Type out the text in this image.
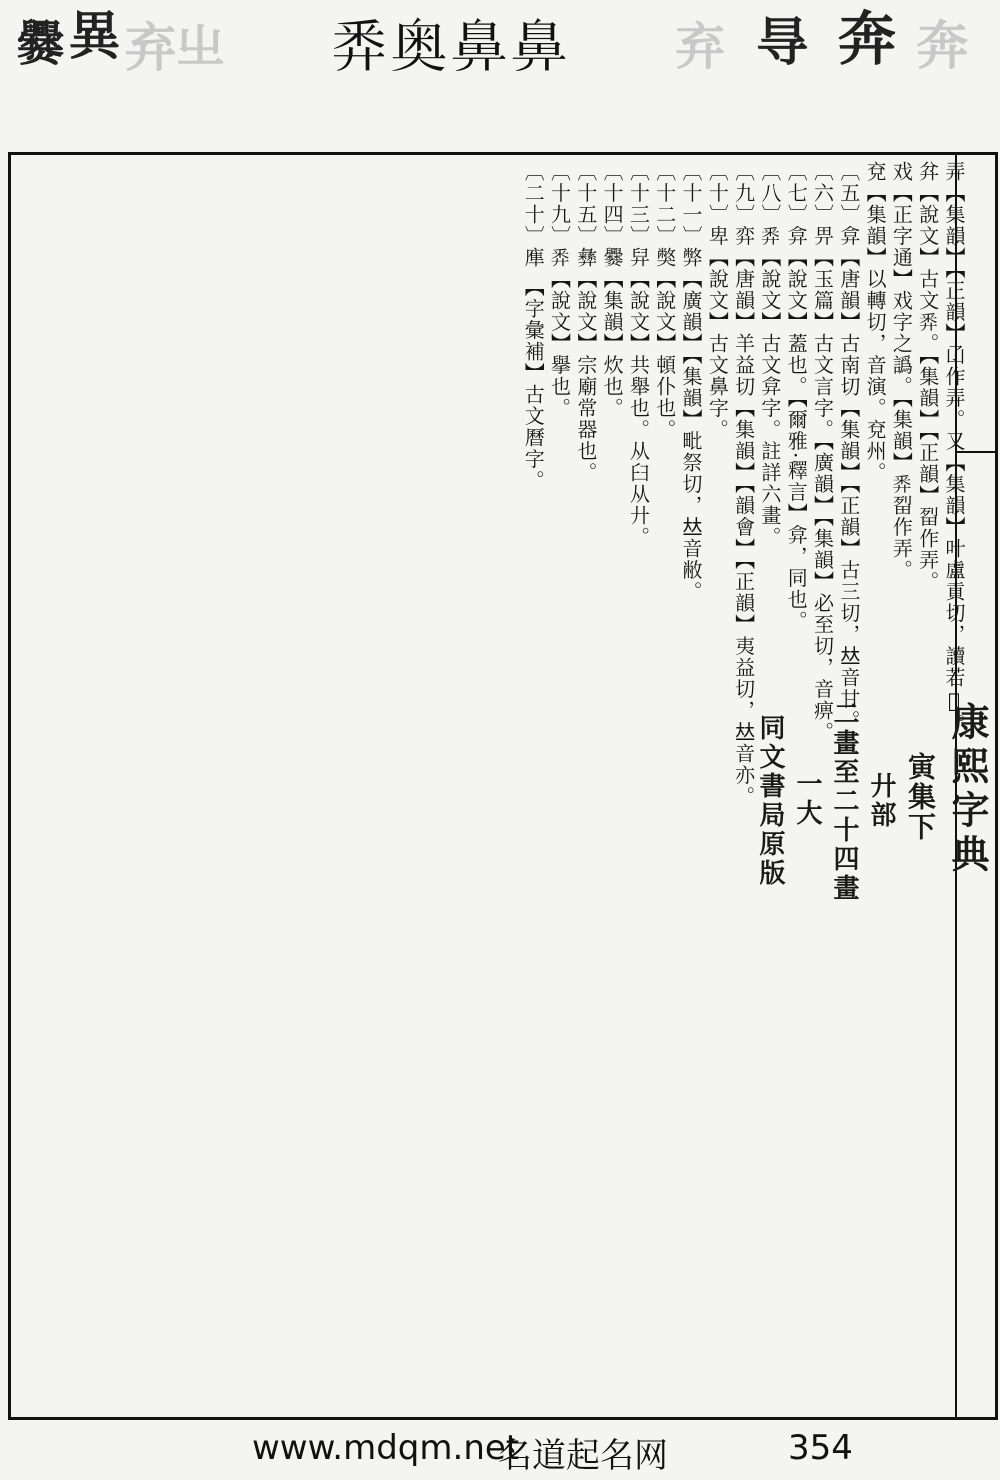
爨
異
弃
㞢 𢍏奥鼻鼻 弃 㝵 奔 奔
弄【集韻】【正韻】𠙶作弄。又【集韻】叶盧貢切，讀若𡟆。
弅【說文】古文𢍏。【集韻】【正韻】㽝作弄。
戏【正字通】戏字之譌。【集韻】𢍏㽝作弄。
兗【集韻】以轉切，音演。兗州。
〔五〕弇【唐韻】古南切【集韻】【正韻】古三切，𠀤音甘。
〔六〕畀【玉篇】古文言字。【廣韻】【集韻】必至切，音痹。
〔七〕弇【說文】蓋也。【爾雅·釋言】弇，同也。
〔八〕𢍏【說文】古文弇字。註詳六畫。
〔九〕弈【唐韻】羊益切【集韻】【韻會】【正韻】夷益切，𠀤音亦。
〔十〕卑【說文】古文鼻字。
〔十一〕弊【廣韻】【集韻】毗祭切，𠀤音敝。
〔十二〕獘【說文】頓仆也。
〔十三〕舁【說文】共舉也。从臼从廾。
〔十四〕爨【集韻】炊也。
〔十五〕彝【說文】宗廟常器也。
〔十九〕𢍏【說文】擧也。
〔二十〕㢑 【字彙補】古文曆字。
康熙字典
寅集下
廾部
二畫至二十四畫
一大
同文書局原版
www.mdqm.net
名道起名网	354
